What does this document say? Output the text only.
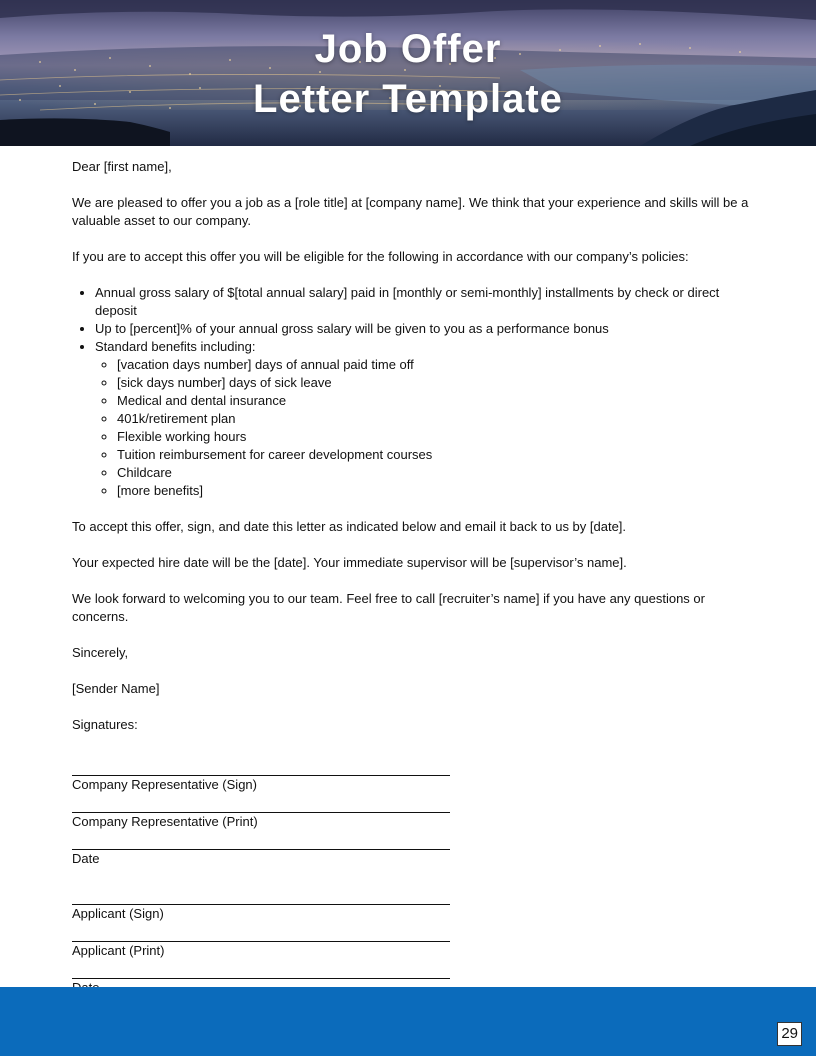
Job Offer
Letter Template

Dear [first name],

We are pleased to offer you a job as a [role title] at [company name]. We think that your experience and skills will be a valuable asset to our company.

If you are to accept this offer you will be eligible for the following in accordance with our company’s policies:

• Annual gross salary of $[total annual salary] paid in [monthly or semi-monthly] installments by check or direct deposit
• Up to [percent]% of your annual gross salary will be given to you as a performance bonus
• Standard benefits including:
◦ [vacation days number] days of annual paid time off
◦ [sick days number] days of sick leave
◦ Medical and dental insurance
◦ 401k/retirement plan
◦ Flexible working hours
◦ Tuition reimbursement for career development courses
◦ Childcare
◦ [more benefits]

To accept this offer, sign, and date this letter as indicated below and email it back to us by [date].

Your expected hire date will be the [date]. Your immediate supervisor will be [supervisor’s name].

We look forward to welcoming you to our team. Feel free to call [recruiter’s name] if you have any questions or concerns.

Sincerely,

[Sender Name]

Signatures:

Company Representative (Sign)
Company Representative (Print)
Date
Applicant (Sign)
Applicant (Print)
29
